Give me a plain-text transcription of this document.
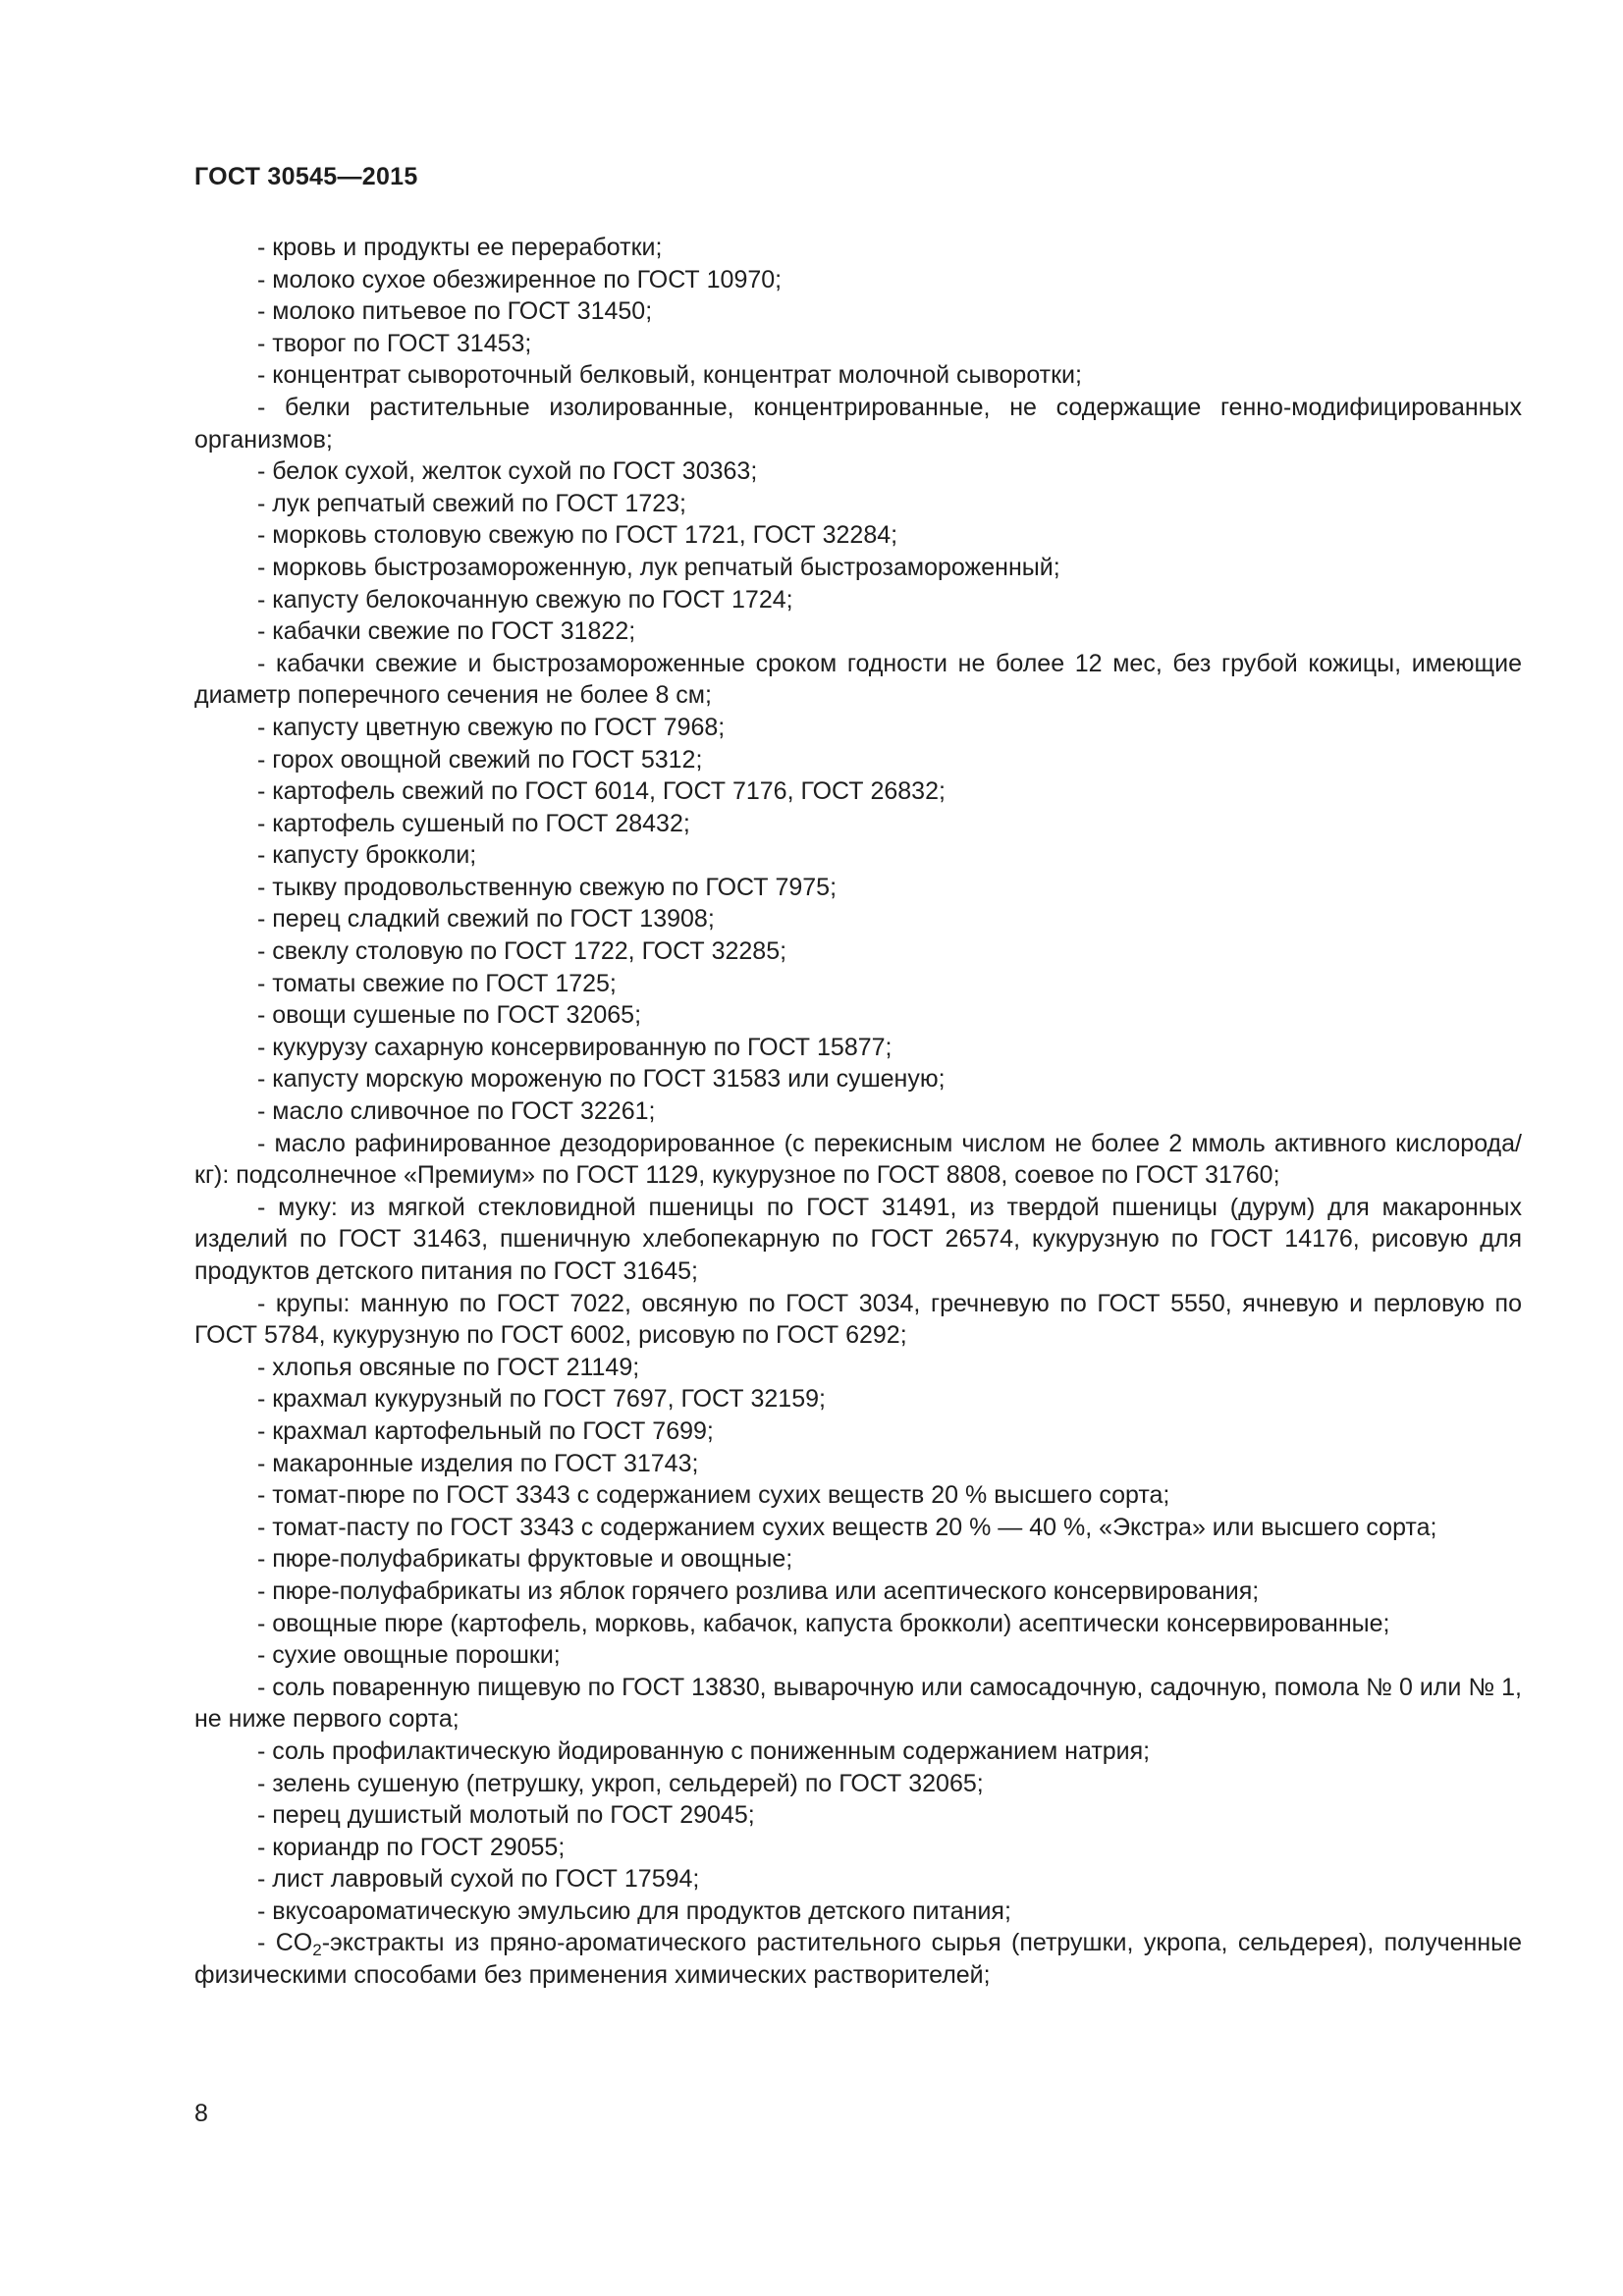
ГОСТ 30545—2015

- кровь и продукты ее переработки;

- молоко сухое обезжиренное по ГОСТ 10970;

- молоко питьевое по ГОСТ 31450;

- творог по ГОСТ 31453;

- концентрат сывороточный белковый, концентрат молочной сыворотки;

- белки растительные изолированные, концентрированные, не содержащие генно-модифицированных организмов;

- белок сухой, желток сухой по ГОСТ 30363;

- лук репчатый свежий по ГОСТ 1723;

- морковь столовую свежую по ГОСТ 1721, ГОСТ 32284;

- морковь быстрозамороженную, лук репчатый быстрозамороженный;

- капусту белокочанную свежую по ГОСТ 1724;

- кабачки свежие по ГОСТ 31822;

- кабачки свежие и быстрозамороженные сроком годности не более 12 мес, без грубой кожицы, имеющие диаметр поперечного сечения не более 8 см;

- капусту цветную свежую по ГОСТ 7968;

- горох овощной свежий по ГОСТ 5312;

- картофель свежий по ГОСТ 6014, ГОСТ 7176, ГОСТ 26832;

- картофель сушеный по ГОСТ 28432;

- капусту брокколи;

- тыкву продовольственную свежую по ГОСТ 7975;

- перец сладкий свежий по ГОСТ 13908;

- свеклу столовую по ГОСТ 1722, ГОСТ 32285;

- томаты свежие по ГОСТ 1725;

- овощи сушеные по ГОСТ 32065;

- кукурузу сахарную консервированную по ГОСТ 15877;

- капусту морскую мороженую по ГОСТ 31583 или сушеную;

- масло сливочное по ГОСТ 32261;

- масло рафинированное дезодорированное (с перекисным числом не более 2 ммоль активного кислорода/кг): подсолнечное «Премиум» по ГОСТ 1129, кукурузное по ГОСТ 8808, соевое по ГОСТ 31760;

- муку: из мягкой стекловидной пшеницы по ГОСТ 31491, из твердой пшеницы (дурум) для макаронных изделий по ГОСТ 31463, пшеничную хлебопекарную по ГОСТ 26574, кукурузную по ГОСТ 14176, рисовую для продуктов детского питания по ГОСТ 31645;

- крупы: манную по ГОСТ 7022, овсяную по ГОСТ 3034, гречневую по ГОСТ 5550, ячневую и перловую по ГОСТ 5784, кукурузную по ГОСТ 6002, рисовую по ГОСТ 6292;

- хлопья овсяные по ГОСТ 21149;

- крахмал кукурузный по ГОСТ 7697, ГОСТ 32159;

- крахмал картофельный по ГОСТ 7699;

- макаронные изделия по ГОСТ 31743;

- томат-пюре по ГОСТ 3343 с содержанием сухих веществ 20 % высшего сорта;

- томат-пасту по ГОСТ 3343 с содержанием сухих веществ 20 % — 40 %, «Экстра» или высшего сорта;

- пюре-полуфабрикаты фруктовые и овощные;

- пюре-полуфабрикаты из яблок горячего розлива или асептического консервирования;

- овощные пюре (картофель, морковь, кабачок, капуста брокколи) асептически консервированные;

- сухие овощные порошки;

- соль поваренную пищевую по ГОСТ 13830, выварочную или самосадочную, садочную, помола № 0 или № 1, не ниже первого сорта;

- соль профилактическую йодированную с пониженным содержанием натрия;

- зелень сушеную (петрушку, укроп, сельдерей) по ГОСТ 32065;

- перец душистый молотый по ГОСТ 29045;

- кориандр по ГОСТ 29055;

- лист лавровый сухой по ГОСТ 17594;

- вкусоароматическую эмульсию для продуктов детского питания;

- $CO_2$-экстракты из пряно-ароматического растительного сырья (петрушки, укропа, сельдерея), полученные физическими способами без применения химических растворителей;

8
